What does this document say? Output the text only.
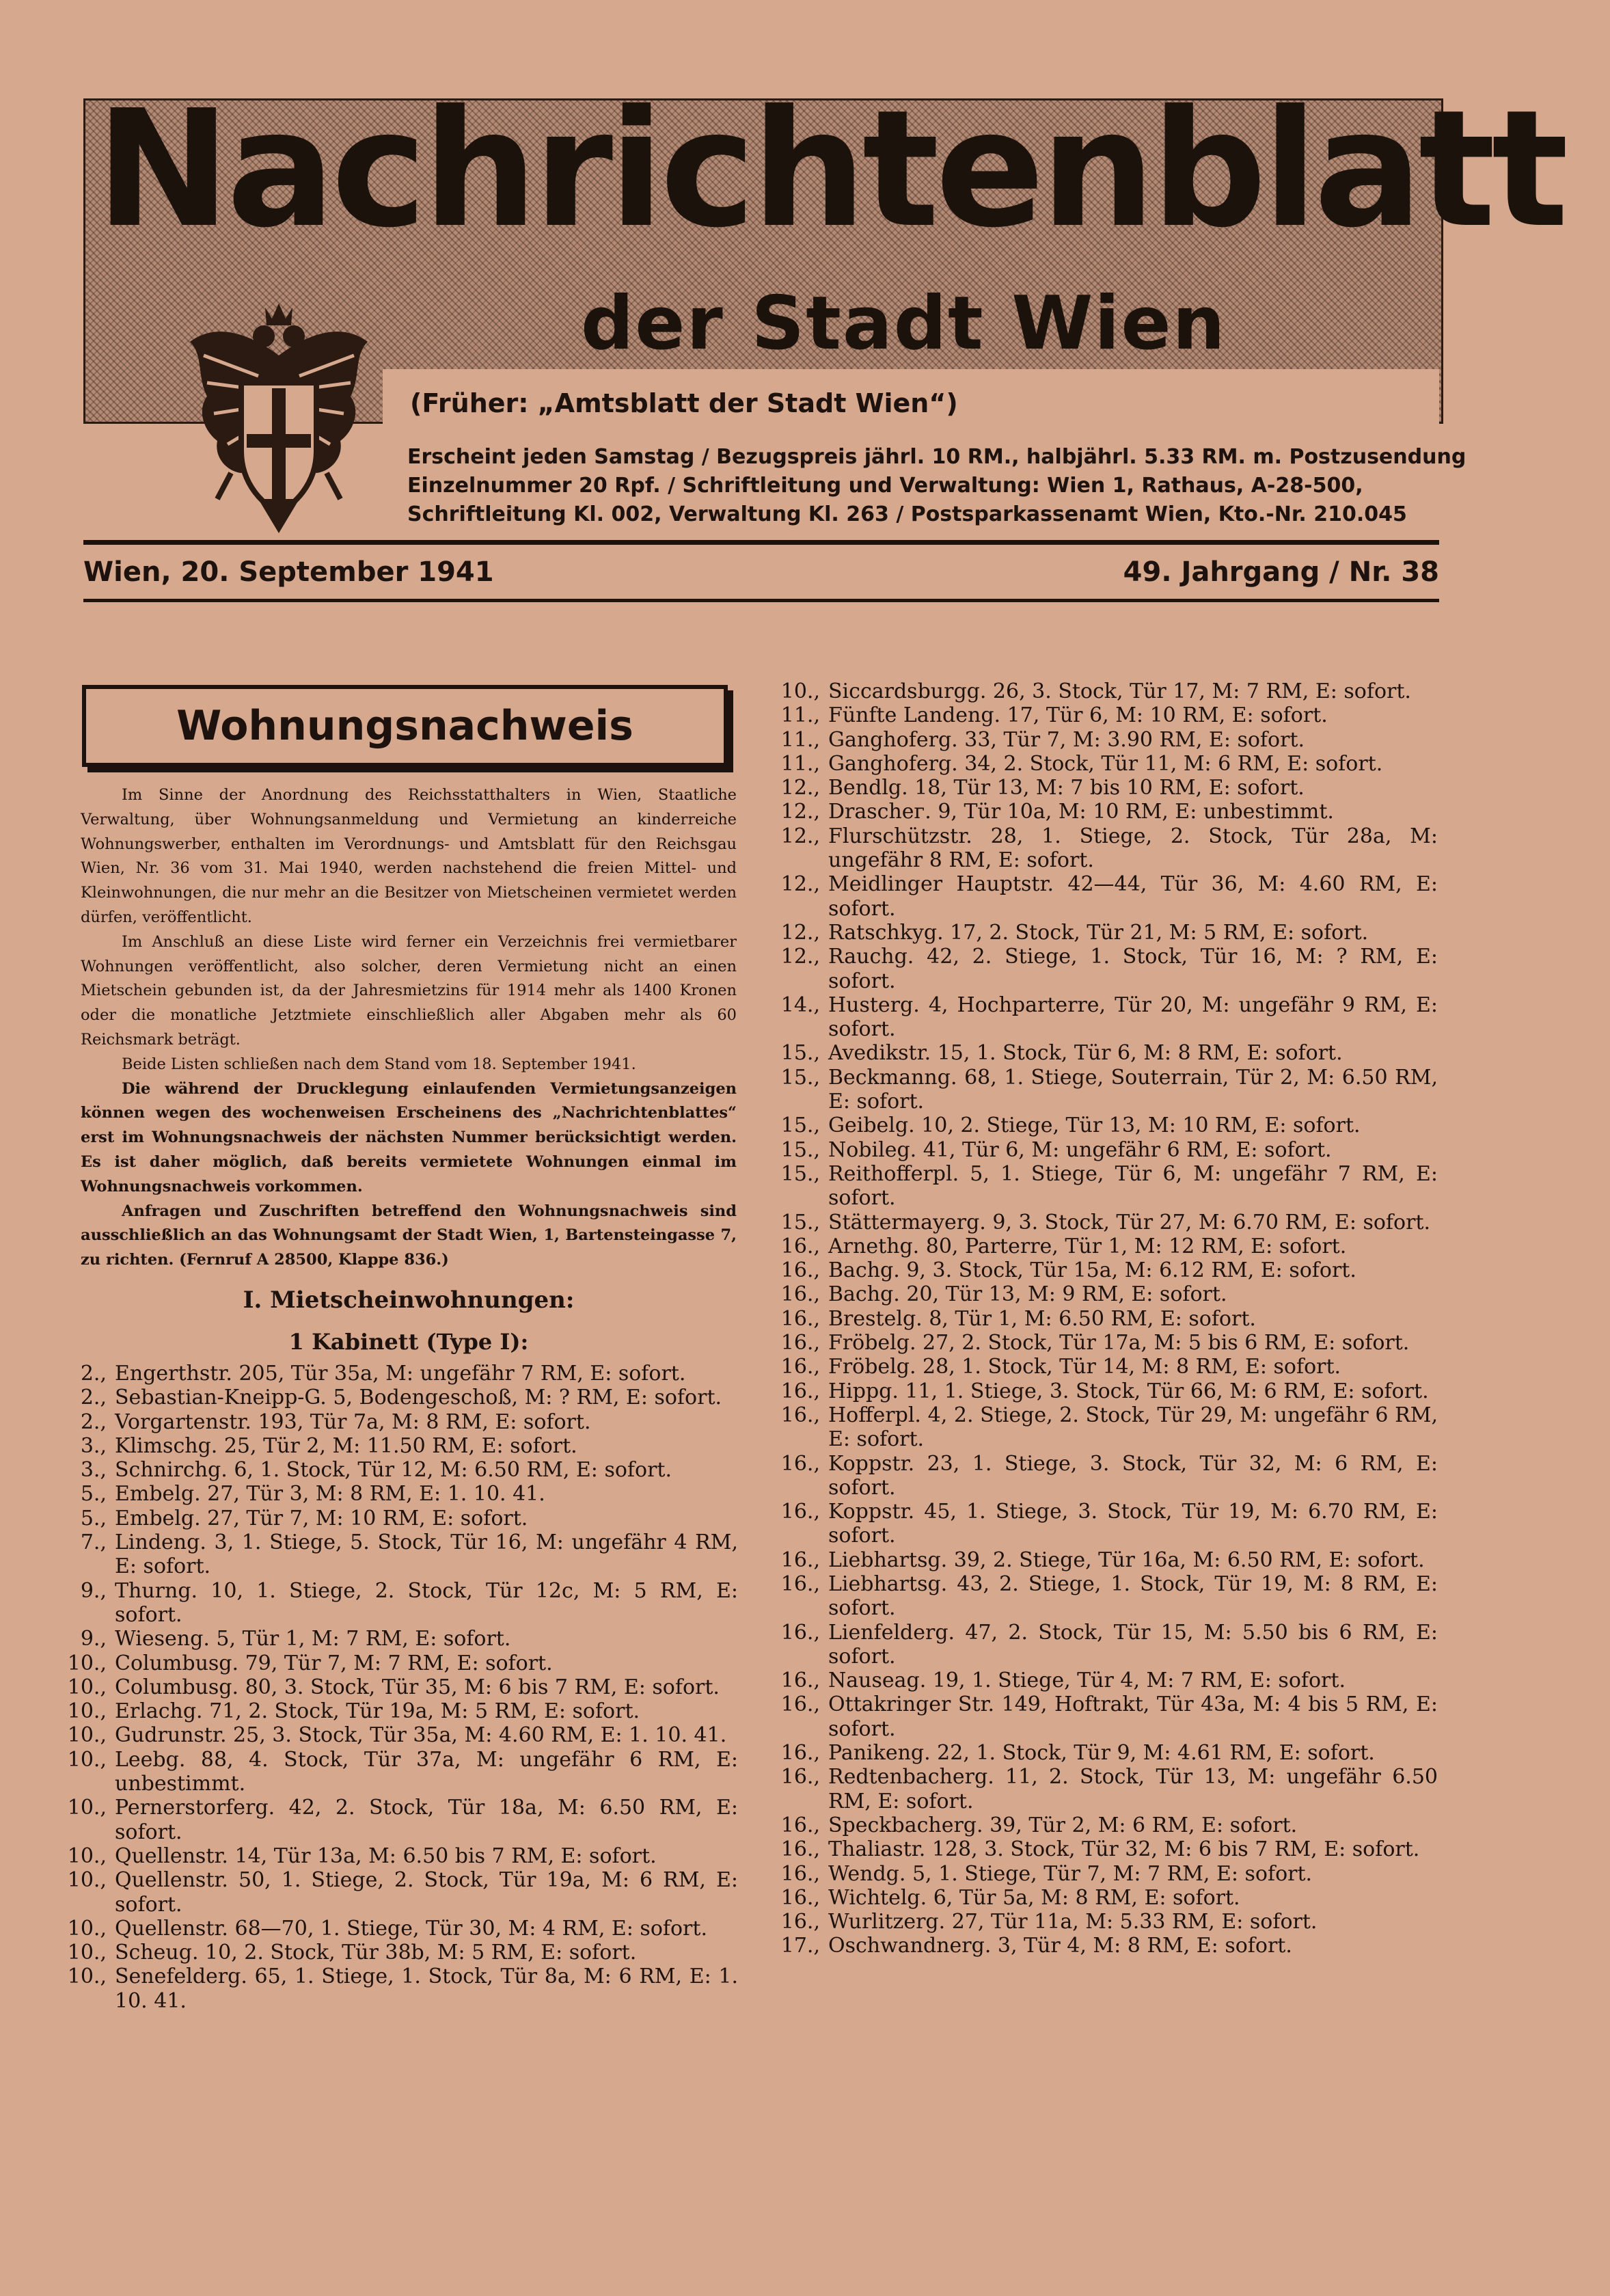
Nachrichtenblatt
der Stadt Wien
(Früher: „Amtsblatt der Stadt Wien“)
Erscheint jeden Samstag / Bezugspreis jährl. 10 RM., halbjährl. 5.33 RM. m. Postzusendung
Einzelnummer 20 Rpf. / Schriftleitung und Verwaltung: Wien 1, Rathaus, A-28-500,
Schriftleitung Kl. 002, Verwaltung Kl. 263 / Postsparkassenamt Wien, Kto.-Nr. 210.045
Wien, 20. September 1941	49. Jahrgang / Nr. 38
Wohnungsnachweis

Im Sinne der Anordnung des Reichsstatthalters in Wien, Staatliche Verwaltung, über Wohnungsanmeldung und Vermietung an kinderreiche Wohnungswerber, enthalten im Verordnungs- und Amtsblatt für den Reichsgau Wien, Nr. 36 vom 31. Mai 1940, werden nachstehend die freien Mittel- und Kleinwohnungen, die nur mehr an die Besitzer von Mietscheinen vermietet werden dürfen, veröffentlicht.

Im Anschluß an diese Liste wird ferner ein Verzeichnis frei vermietbarer Wohnungen veröffentlicht, also solcher, deren Vermietung nicht an einen Mietschein gebunden ist, da der Jahresmietzins für 1914 mehr als 1400 Kronen oder die monatliche Jetztmiete einschließlich aller Abgaben mehr als 60 Reichsmark beträgt.

Beide Listen schließen nach dem Stand vom 18. September 1941.

Die während der Drucklegung einlaufenden Vermietungsanzeigen können wegen des wochenweisen Erscheinens des „Nachrichtenblattes“ erst im Wohnungsnachweis der nächsten Nummer berücksichtigt werden. Es ist daher möglich, daß bereits vermietete Wohnungen einmal im Wohnungsnachweis vorkommen.

Anfragen und Zuschriften betreffend den Wohnungsnachweis sind ausschließlich an das Wohnungsamt der Stadt Wien, 1, Bartensteingasse 7, zu richten. (Fernruf A 28500, Klappe 836.)

I. Mietscheinwohnungen:
1 Kabinett (Type I):
2., Engerthstr. 205, Tür 35a, M: ungefähr 7 RM, E: sofort.
2., Sebastian-Kneipp-G. 5, Bodengeschoß, M: ? RM, E: sofort.
2., Vorgartenstr. 193, Tür 7a, M: 8 RM, E: sofort.
3., Klimschg. 25, Tür 2, M: 11.50 RM, E: sofort.
3., Schnirchg. 6, 1. Stock, Tür 12, M: 6.50 RM, E: sofort.
5., Embelg. 27, Tür 3, M: 8 RM, E: 1. 10. 41.
5., Embelg. 27, Tür 7, M: 10 RM, E: sofort.
7., Lindeng. 3, 1. Stiege, 5. Stock, Tür 16, M: ungefähr 4 RM, E: sofort.
9., Thurng. 10, 1. Stiege, 2. Stock, Tür 12c, M: 5 RM, E: sofort.
9., Wieseng. 5, Tür 1, M: 7 RM, E: sofort.
10., Columbusg. 79, Tür 7, M: 7 RM, E: sofort.
10., Columbusg. 80, 3. Stock, Tür 35, M: 6 bis 7 RM, E: sofort.
10., Erlachg. 71, 2. Stock, Tür 19a, M: 5 RM, E: sofort.
10., Gudrunstr. 25, 3. Stock, Tür 35a, M: 4.60 RM, E: 1. 10. 41.
10., Leebg. 88, 4. Stock, Tür 37a, M: ungefähr 6 RM, E: unbestimmt.
10., Pernerstorferg. 42, 2. Stock, Tür 18a, M: 6.50 RM, E: sofort.
10., Quellenstr. 14, Tür 13a, M: 6.50 bis 7 RM, E: sofort.
10., Quellenstr. 50, 1. Stiege, 2. Stock, Tür 19a, M: 6 RM, E: sofort.
10., Quellenstr. 68—70, 1. Stiege, Tür 30, M: 4 RM, E: sofort.
10., Scheug. 10, 2. Stock, Tür 38b, M: 5 RM, E: sofort.
10., Senefelderg. 65, 1. Stiege, 1. Stock, Tür 8a, M: 6 RM, E: 1. 10. 41.
10., Siccardsburgg. 26, 3. Stock, Tür 17, M: 7 RM, E: sofort.
11., Fünfte Landeng. 17, Tür 6, M: 10 RM, E: sofort.
11., Ganghoferg. 33, Tür 7, M: 3.90 RM, E: sofort.
11., Ganghoferg. 34, 2. Stock, Tür 11, M: 6 RM, E: sofort.
12., Bendlg. 18, Tür 13, M: 7 bis 10 RM, E: sofort.
12., Draschег. 9, Tür 10a, M: 10 RM, E: unbestimmt.
12., Flurschützstr. 28, 1. Stiege, 2. Stock, Tür 28a, M: ungefähr 8 RM, E: sofort.
12., Meidlinger Hauptstr. 42—44, Tür 36, M: 4.60 RM, E: sofort.
12., Ratschkyg. 17, 2. Stock, Tür 21, M: 5 RM, E: sofort.
12., Rauchg. 42, 2. Stiege, 1. Stock, Tür 16, M: ? RM, E: sofort.
14., Husterg. 4, Hochparterre, Tür 20, M: ungefähr 9 RM, E: sofort.
15., Avedikstr. 15, 1. Stock, Tür 6, M: 8 RM, E: sofort.
15., Beckmanng. 68, 1. Stiege, Souterrain, Tür 2, M: 6.50 RM, E: sofort.
15., Geibelg. 10, 2. Stiege, Tür 13, M: 10 RM, E: sofort.
15., Nobileg. 41, Tür 6, M: ungefähr 6 RM, E: sofort.
15., Reithofferpl. 5, 1. Stiege, Tür 6, M: ungefähr 7 RM, E: sofort.
15., Stättermayerg. 9, 3. Stock, Tür 27, M: 6.70 RM, E: sofort.
16., Arnethg. 80, Parterre, Tür 1, M: 12 RM, E: sofort.
16., Bachg. 9, 3. Stock, Tür 15a, M: 6.12 RM, E: sofort.
16., Bachg. 20, Tür 13, M: 9 RM, E: sofort.
16., Brestelg. 8, Tür 1, M: 6.50 RM, E: sofort.
16., Fröbelg. 27, 2. Stock, Tür 17a, M: 5 bis 6 RM, E: sofort.
16., Fröbelg. 28, 1. Stock, Tür 14, M: 8 RM, E: sofort.
16., Hippg. 11, 1. Stiege, 3. Stock, Tür 66, M: 6 RM, E: sofort.
16., Hofferpl. 4, 2. Stiege, 2. Stock, Tür 29, M: ungefähr 6 RM, E: sofort.
16., Koppstr. 23, 1. Stiege, 3. Stock, Tür 32, M: 6 RM, E: sofort.
16., Koppstr. 45, 1. Stiege, 3. Stock, Tür 19, M: 6.70 RM, E: sofort.
16., Liebhartsg. 39, 2. Stiege, Tür 16a, M: 6.50 RM, E: sofort.
16., Liebhartsg. 43, 2. Stiege, 1. Stock, Tür 19, M: 8 RM, E: sofort.
16., Lienfelderg. 47, 2. Stock, Tür 15, M: 5.50 bis 6 RM, E: sofort.
16., Nauseag. 19, 1. Stiege, Tür 4, M: 7 RM, E: sofort.
16., Ottakringer Str. 149, Hoftrakt, Tür 43a, M: 4 bis 5 RM, E: sofort.
16., Panikeng. 22, 1. Stock, Tür 9, M: 4.61 RM, E: sofort.
16., Redtenbacherg. 11, 2. Stock, Tür 13, M: ungefähr 6.50 RM, E: sofort.
16., Speckbacherg. 39, Tür 2, M: 6 RM, E: sofort.
16., Thaliastr. 128, 3. Stock, Tür 32, M: 6 bis 7 RM, E: sofort.
16., Wendg. 5, 1. Stiege, Tür 7, M: 7 RM, E: sofort.
16., Wichtelg. 6, Tür 5a, M: 8 RM, E: sofort.
16., Wurlitzerg. 27, Tür 11a, M: 5.33 RM, E: sofort.
17., Oschwandnerg. 3, Tür 4, M: 8 RM, E: sofort.
